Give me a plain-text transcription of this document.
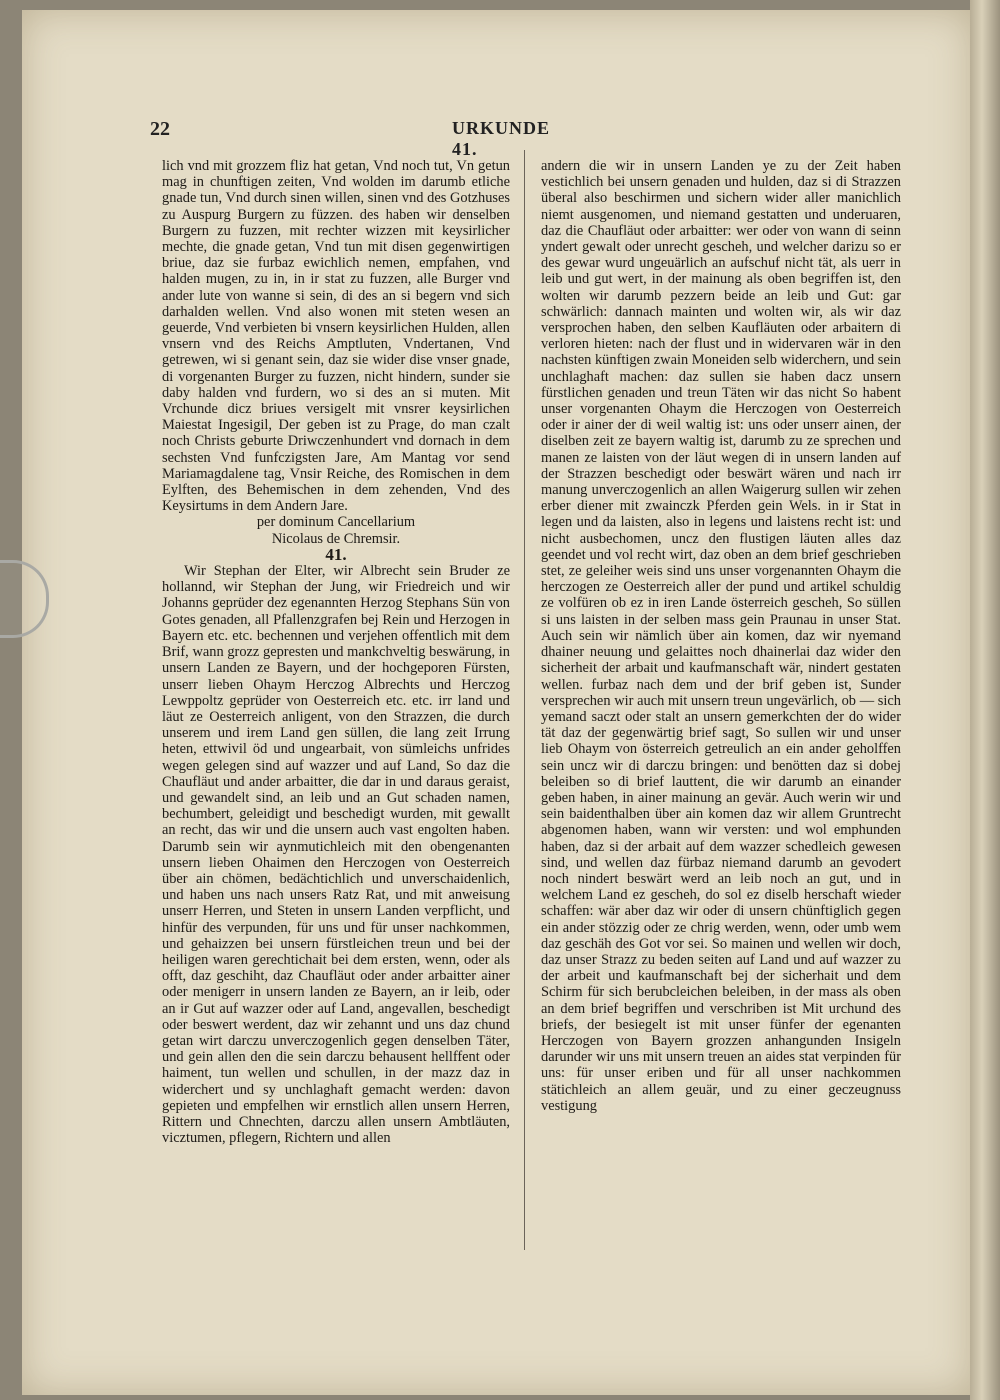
22	URKUNDE 41.

lich vnd mit grozzem fliz hat getan, Vnd noch tut, Vn getun mag in chunftigen zeiten, Vnd wolden im darumb etliche gnade tun, Vnd durch sinen willen, sinen vnd des Gotzhuses zu Auspurg Burgern zu füzzen. des haben wir denselben Burgern zu fuzzen, mit rechter wizzen mit keysirlicher mechte, die gnade getan, Vnd tun mit disen gegenwirtigen briue, daz sie furbaz ewichlich nemen, empfahen, vnd halden mugen, zu in, in ir stat zu fuzzen, alle Burger vnd ander lute von wanne si sein, di des an si begern vnd sich darhalden wellen. Vnd also wonen mit steten wesen an geuerde, Vnd verbieten bi vnsern keysirlichen Hulden, allen vnsern vnd des Reichs Amptluten, Vndertanen, Vnd getrewen, wi si genant sein, daz sie wider dise vnser gnade, di vorgenanten Burger zu fuzzen, nicht hindern, sunder sie daby halden vnd furdern, wo si des an si muten. Mit Vrchunde dicz briues versigelt mit vnsrer keysirlichen Maiestat Ingesigil, Der geben ist zu Prage, do man czalt noch Christs geburte Driwczenhundert vnd dornach in dem sechsten Vnd funfczigsten Jare, Am Mantag vor send Mariamagdalene tag, Vnsir Reiche, des Romischen in dem Eylften, des Behemischen in dem zehenden, Vnd des Keysirtums in dem Andern Jare.

per dominum Cancellarium

Nicolaus de Chremsir.

41.

Wir Stephan der Elter, wir Albrecht sein Bruder ze hollannd, wir Stephan der Jung, wir Friedreich und wir Johanns geprüder dez egenannten Herzog Stephans Sün von Gotes genaden, all Pfallenzgrafen bej Rein und Herzogen in Bayern etc. etc. bechennen und verjehen offentlich mit dem Brif, wann grozz gepresten und mankchveltig beswärung, in unsern Landen ze Bayern, und der hochgeporen Fürsten, unserr lieben Ohaym Herczog Albrechts und Herczog Lewppoltz geprüder von Oesterreich etc. etc. irr land und läut ze Oesterreich anligent, von den Strazzen, die durch unserem und irem Land gen süllen, die lang zeit Irrung heten, ettwivil öd und ungearbait, von sümleichs unfrides wegen gelegen sind auf wazzer und auf Land, So daz die Chaufläut und ander arbaitter, die dar in und daraus geraist, und gewandelt sind, an leib und an Gut schaden namen, bechumbert, geleidigt und beschedigt wurden, mit gewallt an recht, das wir und die unsern auch vast engolten haben. Darumb sein wir aynmutichleich mit den obengenanten unsern lieben Ohaimen den Herczogen von Oesterreich über ain chömen, bedächtichlich und unverschaidenlich, und haben uns nach unsers Ratz Rat, und mit anweisung unserr Herren, und Steten in unsern Landen verpflicht, und hinfür des verpunden, für uns und für unser nachkommen, und gehaizzen bei unsern fürstleichen treun und bei der heiligen waren gerechtichait bei dem ersten, wenn, oder als offt, daz geschiht, daz Chaufläut oder ander arbaitter ainer oder menigerr in unsern landen ze Bayern, an ir leib, oder an ir Gut auf wazzer oder auf Land, angevallen, beschedigt oder beswert werdent, daz wir zehannt und uns daz chund getan wirt darczu unverczogenlich gegen denselben Täter, und gein allen den die sein darczu behausent hellffent oder haiment, tun wellen und schullen, in der mazz daz in widerchert und sy unchlaghaft gemacht werden: davon gepieten und empfelhen wir ernstlich allen unsern Herren, Rittern und Chnechten, darczu allen unsern Ambtläuten, vicztumen, pflegern, Richtern und allen

andern die wir in unsern Landen ye zu der Zeit haben vestichlich bei unsern genaden und hulden, daz si di Strazzen überal also beschirmen und sichern wider aller manichlich niemt ausgenomen, und niemand gestatten und underuaren, daz die Chaufläut oder arbaitter: wer oder von wann di seinn yndert gewalt oder unrecht gescheh, und welcher darizu so er des gewar wurd ungeuärlich an aufschuf nicht tät, als uerr in leib und gut wert, in der mainung als oben begriffen ist, den wolten wir darumb pezzern beide an leib und Gut: gar schwärlich: dannach mainten und wolten wir, als wir daz versprochen haben, den selben Kaufläuten oder arbaitern di verloren hieten: nach der flust und in widervaren wär in den nachsten künftigen zwain Moneiden selb widerchern, und sein unchlaghaft machen: daz sullen sie haben dacz unsern fürstlichen genaden und treun Täten wir das nicht So habent unser vorgenanten Ohaym die Herczogen von Oesterreich oder ir ainer der di weil waltig ist: uns oder unserr ainen, der diselben zeit ze bayern waltig ist, darumb zu ze sprechen und manen ze laisten von der läut wegen di in unsern landen auf der Strazzen beschedigt oder beswärt wären und nach irr manung unverczogenlich an allen Waigerurg sullen wir zehen erber diener mit zwainczk Pferden gein Wels. in ir Stat in legen und da laisten, also in legens und laistens recht ist: und nicht ausbechomen, uncz den flustigen läuten alles daz geendet und vol recht wirt, daz oben an dem brief geschrieben stet, ze geleiher weis sind uns unser vorgenannten Ohaym die herczogen ze Oesterreich aller der pund und artikel schuldig ze volfüren ob ez in iren Lande österreich gescheh, So süllen si uns laisten in der selben mass gein Praunau in unser Stat. Auch sein wir nämlich über ain komen, daz wir nyemand dhainer neuung und gelaittes noch dhainerlai daz wider den sicherheit der arbait und kaufmanschaft wär, nindert gestaten wellen. furbaz nach dem und der brif geben ist, Sunder versprechen wir auch mit unsern treun ungevärlich, ob — sich yemand saczt oder stalt an unsern gemerkchten der do wider tät daz der gegenwärtig brief sagt, So sullen wir und unser lieb Ohaym von österreich getreulich an ein ander geholffen sein uncz wir di darczu bringen: und benötten daz si dobej beleiben so di brief lauttent, die wir darumb an einander geben haben, in ainer mainung an gevär. Auch werin wir und sein baidenthalben über ain komen daz wir allem Gruntrecht abgenomen haben, wann wir versten: und wol emphunden haben, daz si der arbait auf dem wazzer schedleich gewesen sind, und wellen daz fürbaz niemand darumb an gevodert noch nindert beswärt werd an leib noch an gut, und in welchem Land ez gescheh, do sol ez diselb herschaft wieder schaffen: wär aber daz wir oder di unsern chünftiglich gegen ein ander stözzig oder ze chrig werden, wenn, oder umb wem daz geschäh des Got vor sei. So mainen und wellen wir doch, daz unser Strazz zu beden seiten auf Land und auf wazzer zu der arbeit und kaufmanschaft bej der sicherhait und dem Schirm für sich berubcleichen beleiben, in der mass als oben an dem brief begriffen und verschriben ist Mit urchund des briefs, der besiegelt ist mit unser fünfer der egenanten Herczogen von Bayern grozzen anhangunden Insigeln darunder wir uns mit unsern treuen an aides stat verpinden für uns: für unser eriben und für all unser nachkommen stätichleich an allem geuär, und zu einer geczeugnuss vestigung
